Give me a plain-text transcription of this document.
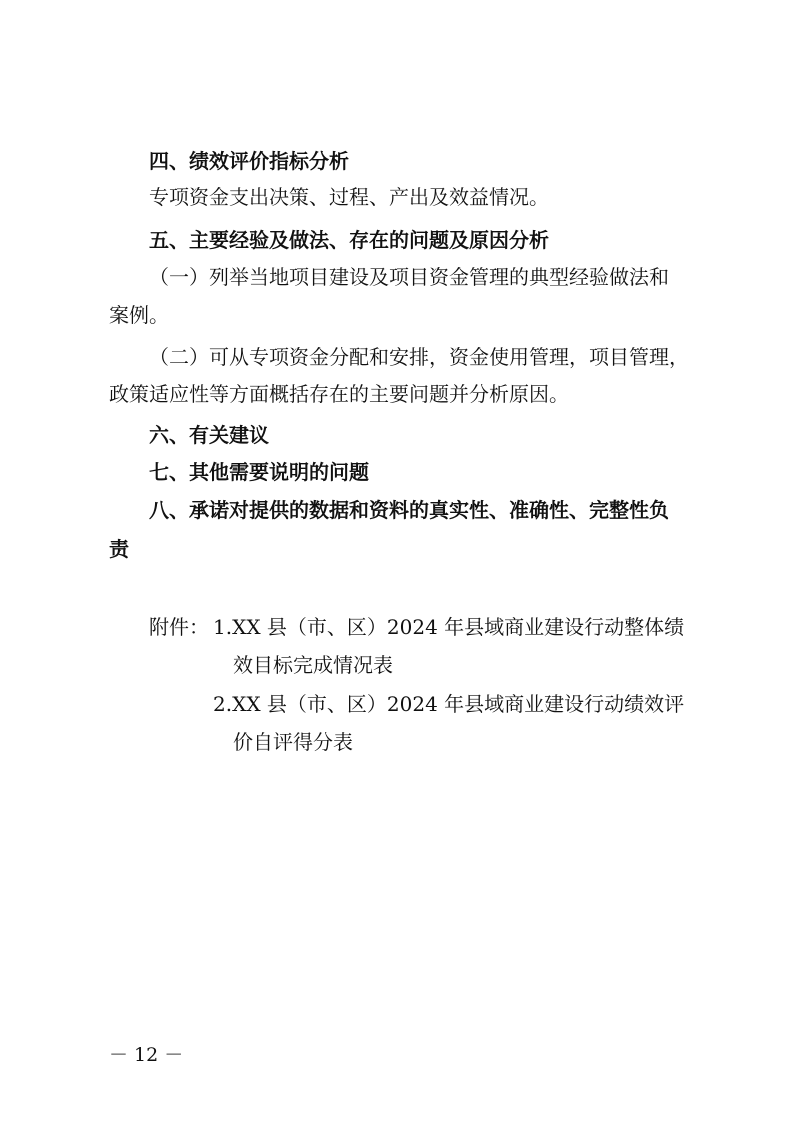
四、绩效评价指标分析
专项资金支出决策、过程、产出及效益情况。
五、主要经验及做法、存在的问题及原因分析
（一）列举当地项目建设及项目资金管理的典型经验做法和
案例。
（二）可从专项资金分配和安排，资金使用管理，项目管理，
政策适应性等方面概括存在的主要问题并分析原因。
六、有关建议
七、其他需要说明的问题
八、承诺对提供的数据和资料的真实性、准确性、完整性负
责
附件： 1.XX 县（市、区）2024 年县域商业建设行动整体绩
效目标完成情况表
2.XX 县（市、区）2024 年县域商业建设行动绩效评
价自评得分表
－ 12 －
